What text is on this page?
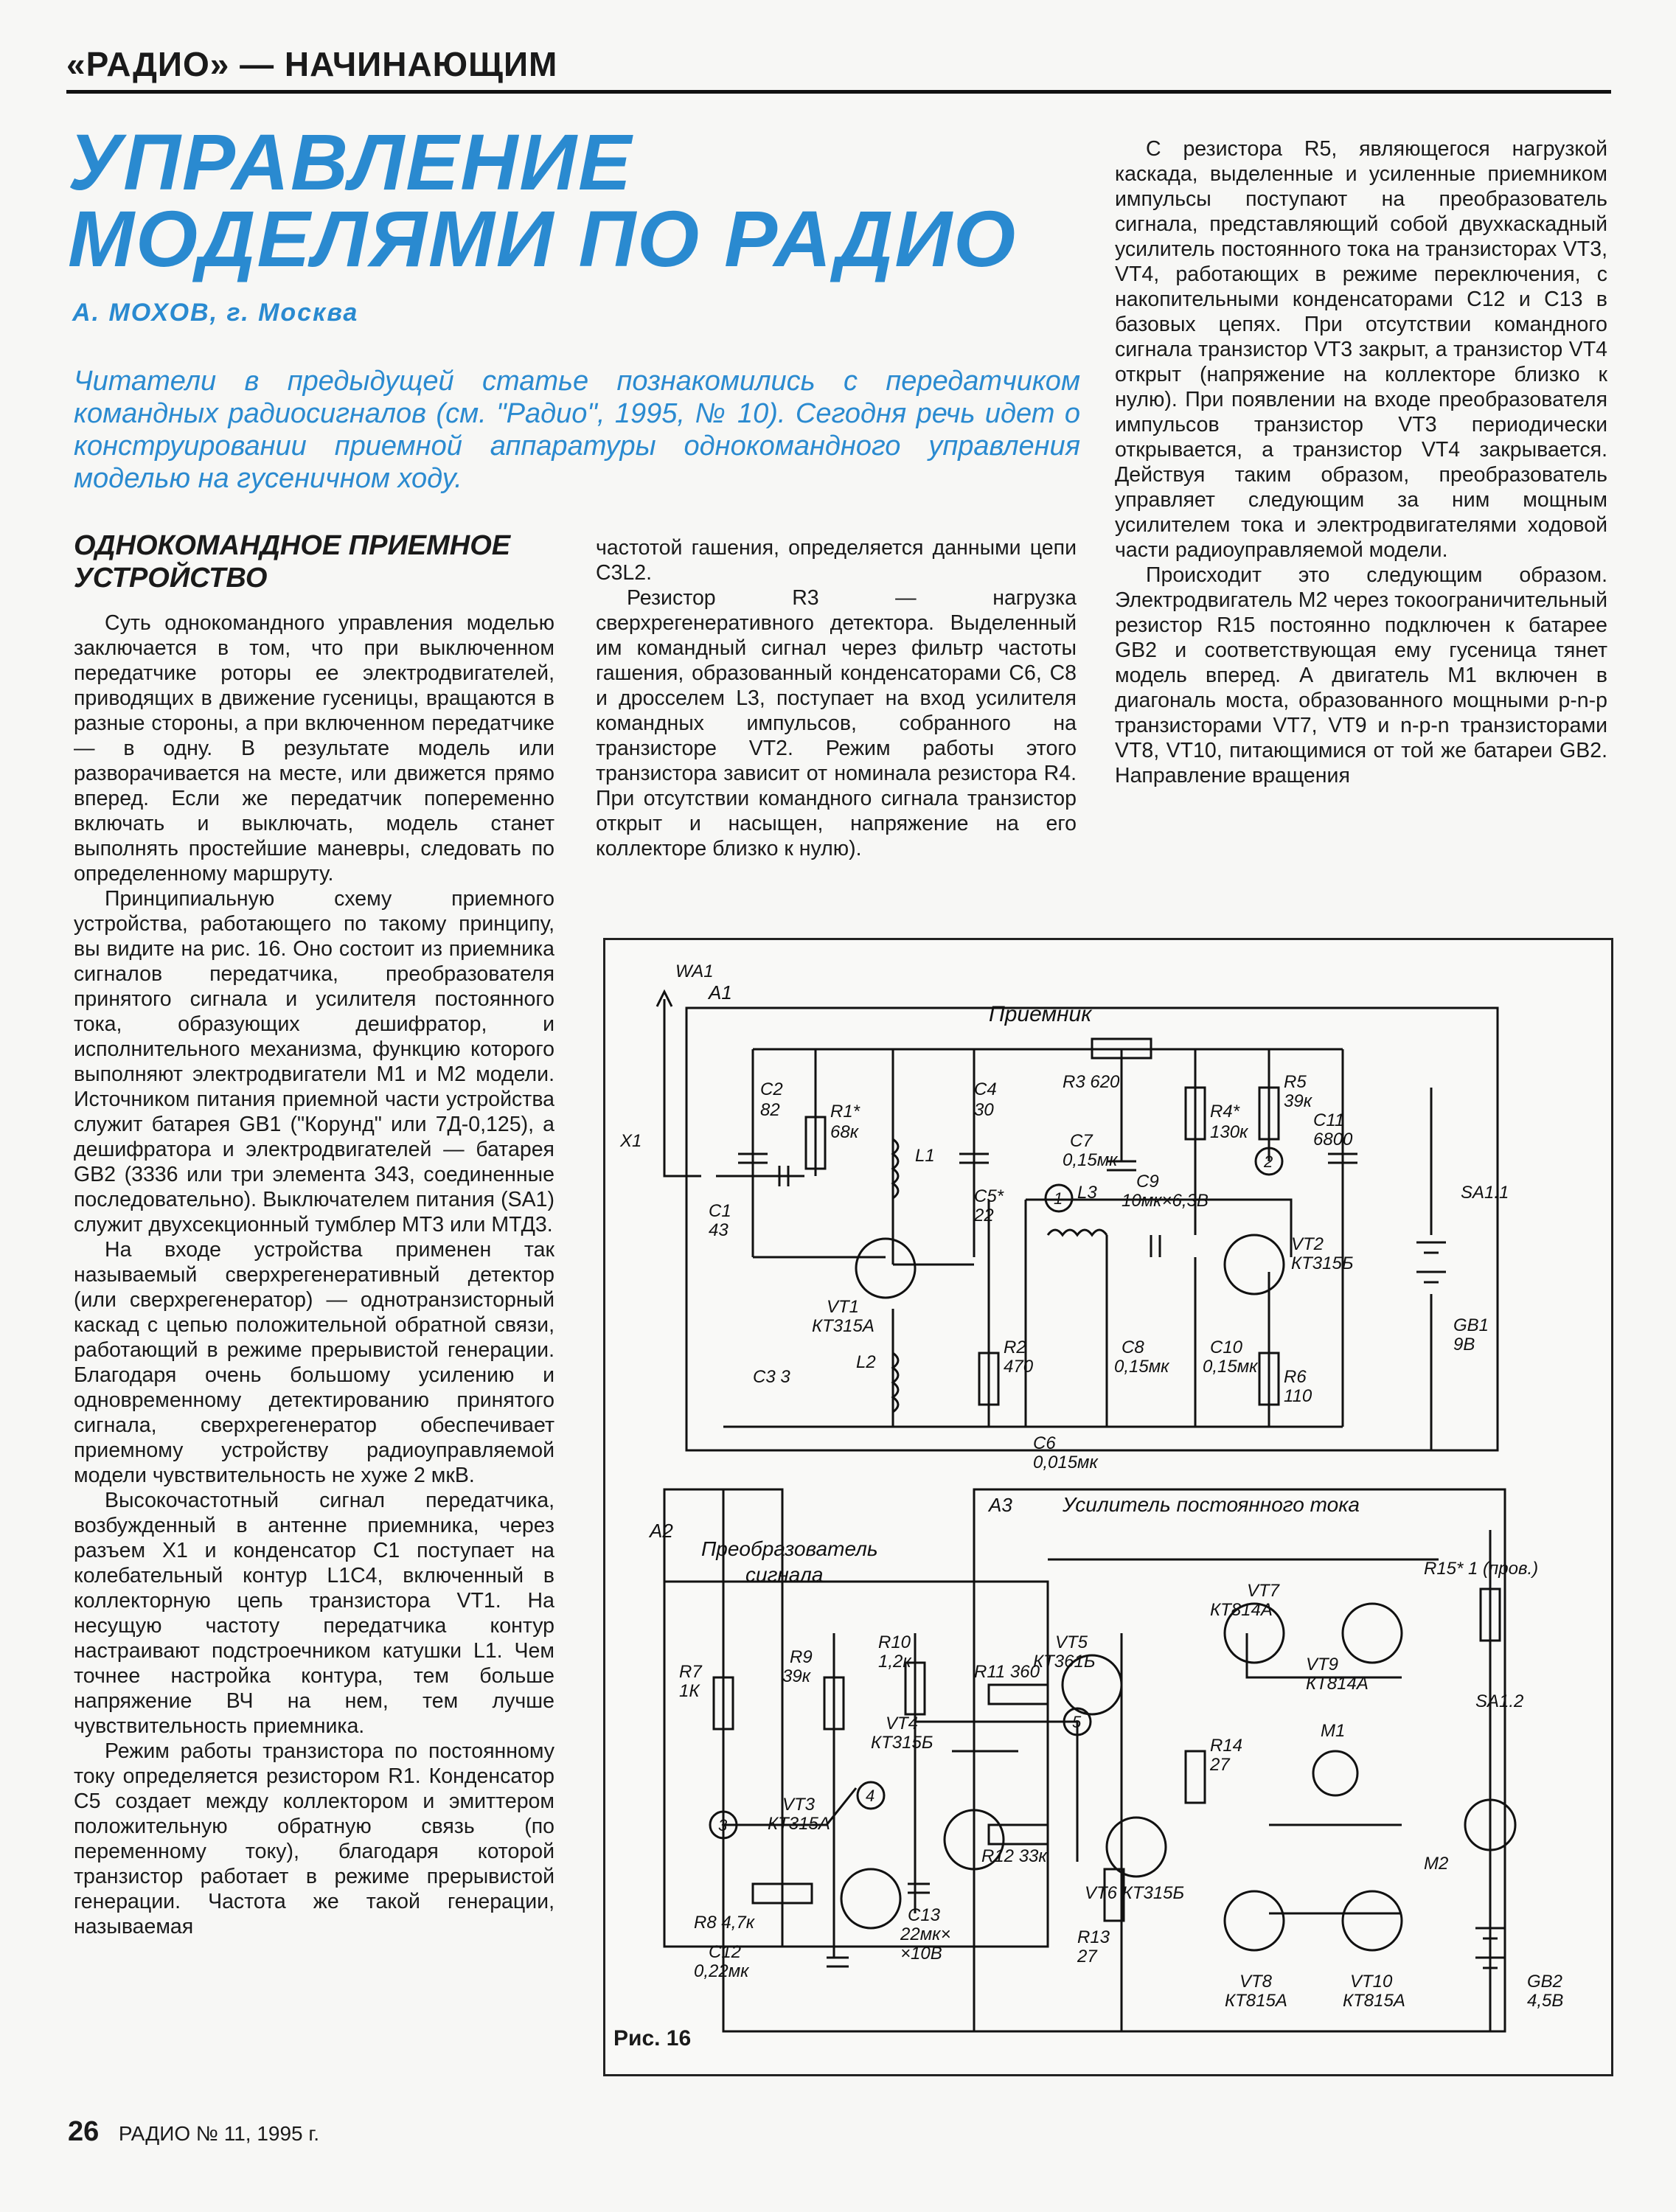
«РАДИО» — НАЧИНАЮЩИМ
УПРАВЛЕНИЕ
МОДЕЛЯМИ ПО РАДИО
А. МОХОВ, г. Москва
Читатели в предыдущей статье познакомились с передатчиком командных радиосигналов (см. "Радио", 1995, № 10). Сегодня речь идет о конструировании приемной аппаратуры однокомандного управления моделью на гусеничном ходу.
ОДНОКОМАНДНОЕ ПРИЕМНОЕ УСТРОЙСТВО

Суть однокомандного управления моделью заключается в том, что при выключенном передатчике роторы ее электродвигателей, приводящих в движение гусеницы, вращаются в разные стороны, а при включенном передатчике — в одну. В результате модель или разворачивается на месте, или движется прямо вперед. Если же передатчик попеременно включать и выключать, модель станет выполнять простейшие маневры, следовать по определенному маршруту.

Принципиальную схему приемного устройства, работающего по такому принципу, вы видите на рис. 16. Оно состоит из приемника сигналов передатчика, преобразователя принятого сигнала и усилителя постоянного тока, образующих дешифратор, и исполнительного механизма, функцию которого выполняют электродвигатели М1 и М2 модели. Источником питания приемной части устройства служит батарея GB1 ("Корунд" или 7Д-0,125), а дешифратора и электродвигателей — батарея GB2 (3336 или три элемента 343, соединенные последовательно). Выключателем питания (SA1) служит двухсекционный тумблер МТ3 или МТД3.

На входе устройства применен так называемый сверхрегенеративный детектор (или сверхрегенератор) — однотранзисторный каскад с цепью положительной обратной связи, работающий в режиме прерывистой генерации. Благодаря очень большому усилению и одновременному детектированию принятого сигнала, сверхрегенератор обеспечивает приемному устройству радиоуправляемой модели чувствительность не хуже 2 мкВ.

Высокочастотный сигнал передатчика, возбужденный в антенне приемника, через разъем Х1 и конденсатор С1 поступает на колебательный контур L1C4, включенный в коллекторную цепь транзистора VT1. На несущую частоту передатчика контур настраивают подстроечником катушки L1. Чем точнее настройка контура, тем больше напряжение ВЧ на нем, тем лучше чувствительность приемника.

Режим работы транзистора по постоянному току определяется резистором R1. Конденсатор С5 создает между коллектором и эмиттером положительную обратную связь (по переменному току), благодаря которой транзистор работает в режиме прерывистой генерации. Частота же такой генерации, называемая

частотой гашения, определяется данными цепи C3L2.

Резистор R3 — нагрузка сверхрегенеративного детектора. Выделенный им командный сигнал через фильтр частоты гашения, образованный конденсаторами С6, С8 и дросселем L3, поступает на вход усилителя командных импульсов, собранного на транзисторе VT2. Режим работы этого транзистора зависит от номинала резистора R4. При отсутствии командного сигнала транзистор открыт и насыщен, напряжение на его коллекторе близко к нулю).

С резистора R5, являющегося нагрузкой каскада, выделенные и усиленные приемником импульсы поступают на преобразователь сигнала, представляющий собой двухкаскадный усилитель постоянного тока на транзисторах VT3, VT4, работающих в режиме переключения, с накопительными конденсаторами С12 и С13 в базовых цепях. При отсутствии командного сигнала транзистор VT3 закрыт, а транзистор VT4 открыт (напряжение на коллекторе близко к нулю). При появлении на входе преобразователя импульсов транзистор VT3 периодически открывается, а транзистор VT4 закрывается. Действуя таким образом, преобразователь управляет следующим за ним мощным усилителем тока и электродвигателями ходовой части радиоуправляемой модели.

Происходит это следующим образом. Электродвигатель М2 через токоограничительный резистор R15 постоянно подключен к батарее GB2 и соответствующая ему гусеница тянет модель вперед. А двигатель М1 включен в диагональ моста, образованного мощными p-n-p транзисторами VT7, VT9 и n-p-n транзисторами VT8, VT10, питающимися от той же батареи GB2. Направление вращения

A1
Приемник
A2
Преобразователь
сигнала
A3 Усилитель постоянного тока
WA1
X1
C2
82	R1*
68к
C4
30
L1
R3 620
C7
0,15мк
R4*
130к
R5
39к
C11
6800
C1
43
VT1
КТ315А
C5*
22
L3
C9
10мк×6,3В
VT2
КТ315Б
SA1.1
GB1
9В
R2
470
L2
C3 3
C6
0,015мк
C8
0,15мк
C10
0,15мк
R6
110
VT7
КТ814А
VT9
КТ814А
VT5
КТ361Б
R11 360
VT6 КТ315Б
R14
27
M1
R15* 1 (пров.)
SA1.2
M2
R7
1К
R9
39к
R10
1,2к
VT4
КТ315Б
VT3
КТ315А
C13
22мк×
×10В
R12 33к
R13
27
R8 4,7к
C12
0,22мк
VT8
КТ815А
VT10
КТ815А
GB2
4,5В
1
2
3
4
5
Рис. 16
26 РАДИО № 11, 1995 г.
